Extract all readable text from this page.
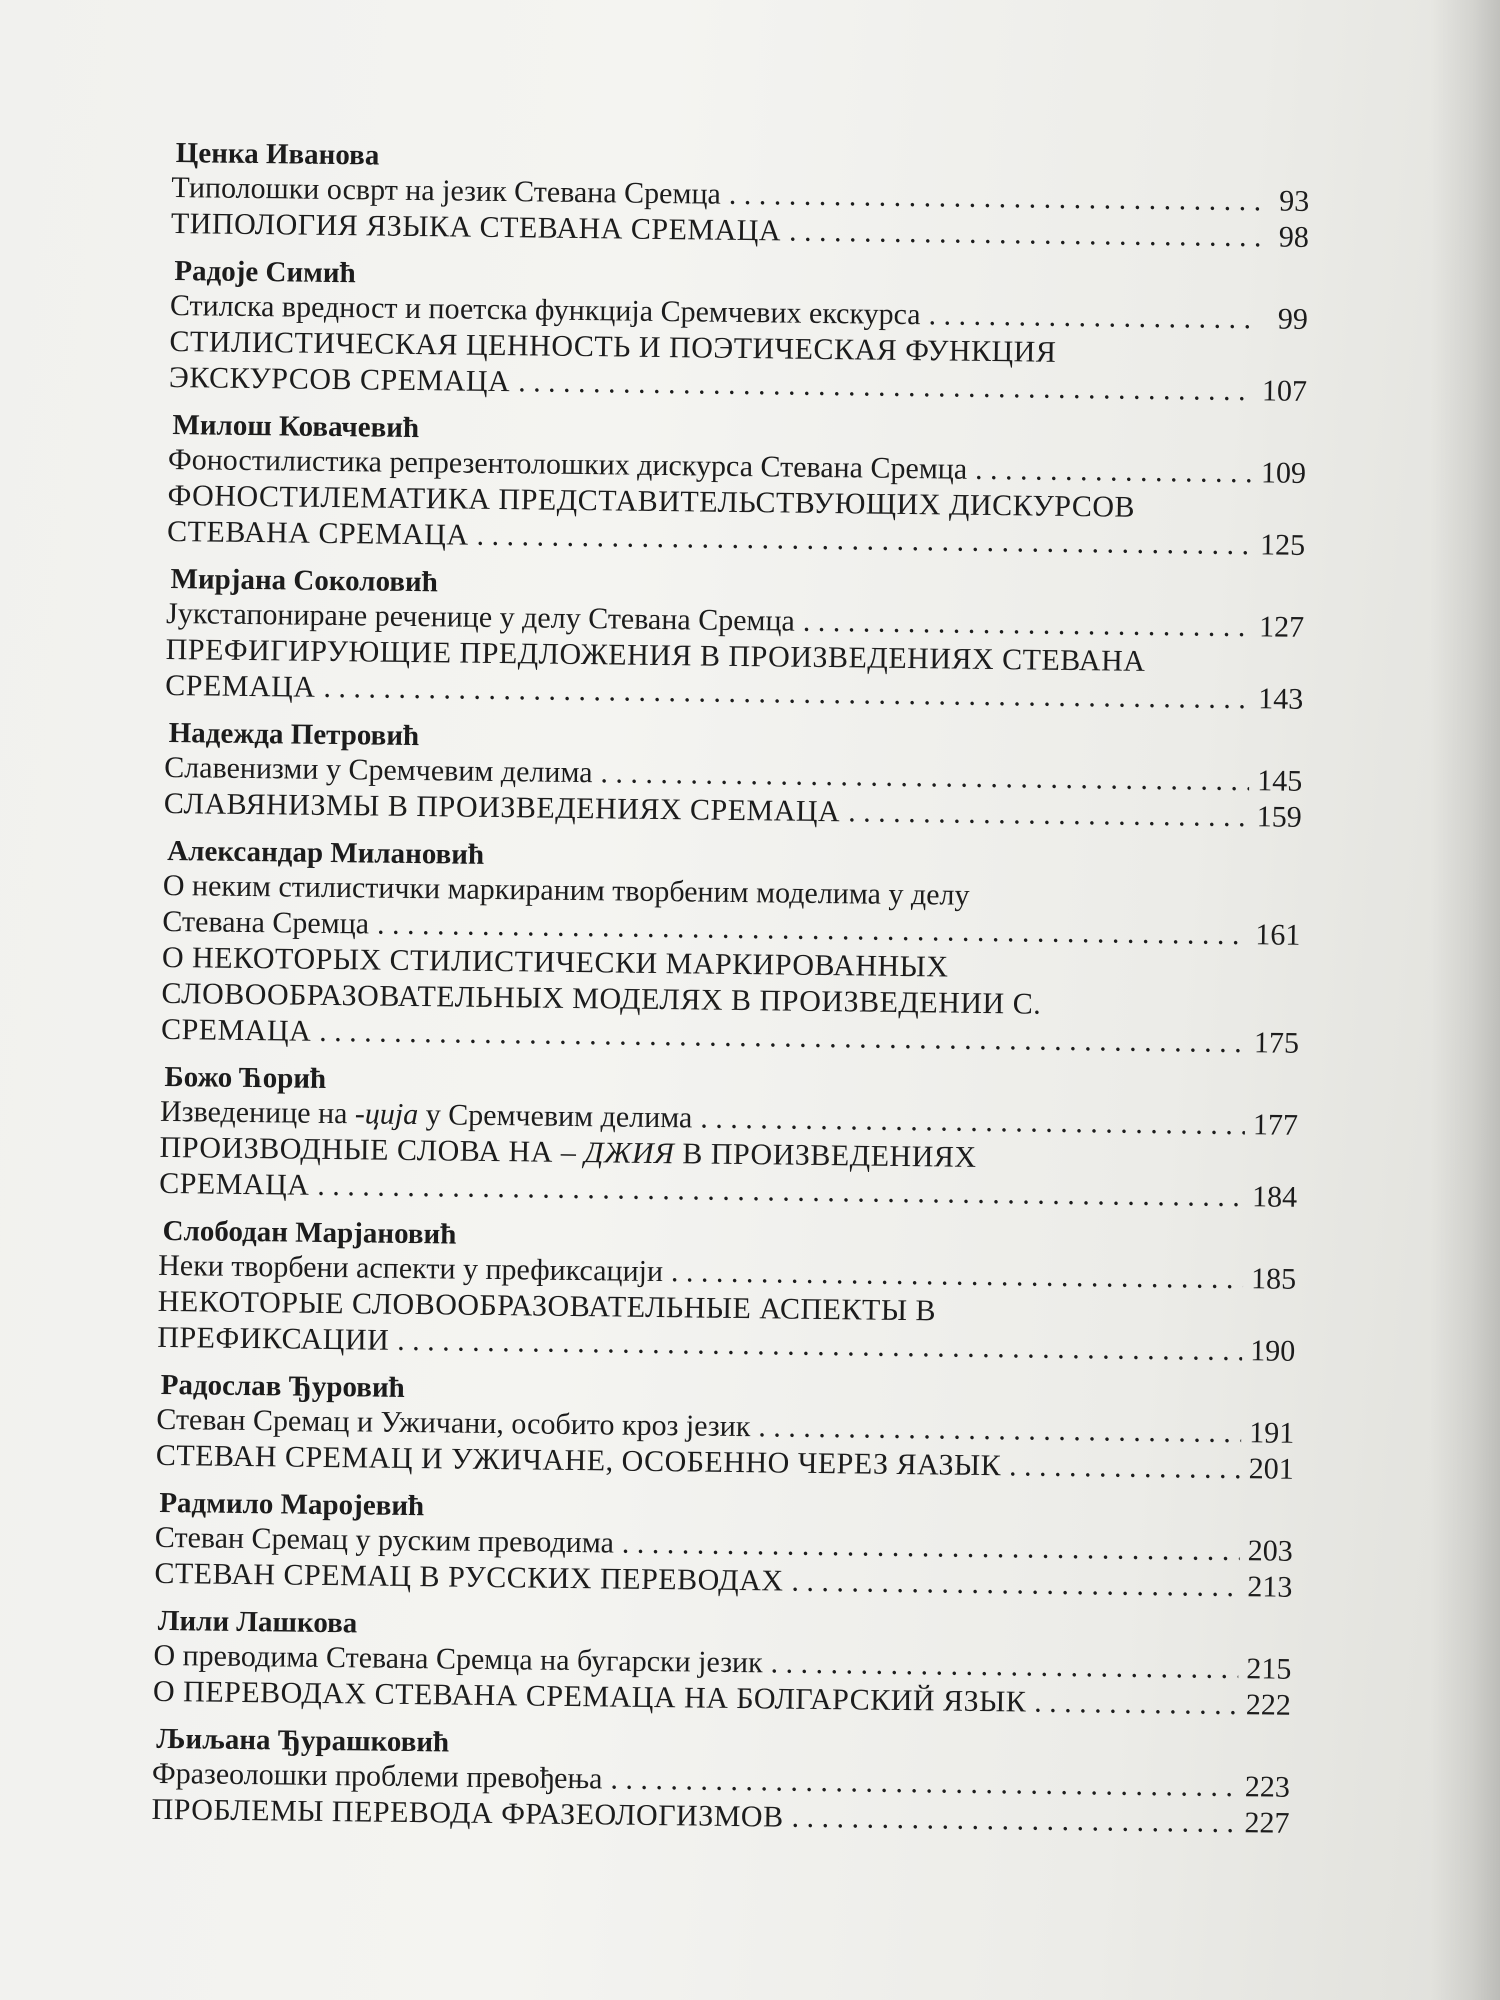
Ценка Иванова
Типолошки осврт на језик Стевана Сремца . . .	93
ТИПОЛОГИЯ ЯЗЫКА СТЕВАНА СРЕМАЦА . . .	98
Радоје Симић
Стилска вредност и поетска функција Сремчевих екскурса . . .	99
СТИЛИСТИЧЕСКАЯ ЦЕННОСТЬ И ПОЭТИЧЕСКАЯ ФУНКЦИЯ
ЭКСКУРСОВ СРЕМАЦА . . .	107
Милош Ковачевић
Фоностилистика репрезентолошких дискурса Стевана Сремца . . .	109
ФОНОСТИЛЕМАТИКА ПРЕДСТАВИТЕЛЬСТВУЮЩИХ ДИСКУРСОВ
СТЕВАНА СРЕМАЦА . . .	125
Мирјана Соколовић
Јукстапониране реченице у делу Стевана Сремца . . .	127
ПРЕФИГИРУЮЩИЕ ПРЕДЛОЖЕНИЯ В ПРОИЗВЕДЕНИЯХ СТЕВАНА
СРЕМАЦА . . .	143
Надежда Петровић
Славенизми у Сремчевим делима . . .	145
СЛАВЯНИЗМЫ В ПРОИЗВЕДЕНИЯХ СРЕМАЦА . . .	159
Александар Милановић
О неким стилистички маркираним творбеним моделима у делу
Стевана Сремца . . .	161
О НЕКОТОРЫХ СТИЛИСТИЧЕСКИ МАРКИРОВАННЫХ
СЛОВООБРАЗОВАТЕЛЬНЫХ МОДЕЛЯХ В ПРОИЗВЕДЕНИИ С.
СРЕМАЦА . . .	175
Божо Ћорић
Изведенице на -ција у Сремчевим делима . . .	177
ПРОИЗВОДНЫЕ СЛОВА НА – ДЖИЯ В ПРОИЗВЕДЕНИЯХ
СРЕМАЦА . . .	184
Слободан Марјановић
Неки творбени аспекти у префиксацији . . .	185
НЕКОТОРЫЕ СЛОВООБРАЗОВАТЕЛЬНЫЕ АСПЕКТЫ В
ПРЕФИКСАЦИИ . . .	190
Радослав Ђуровић
Стеван Сремац и Ужичани, особито кроз језик . . .	191
СТЕВАН СРЕМАЦ И УЖИЧАНЕ, ОСОБЕННО ЧЕРЕЗ ЯАЗЫК . . .	201
Радмило Маројевић
Стеван Сремац у руским преводима . . .	203
СТЕВАН СРЕМАЦ В РУССКИХ ПЕРЕВОДАХ . . .	213
Лили Лашкова
О преводима Стевана Сремца на бугарски језик . . .	215
О ПЕРЕВОДАХ СТЕВАНА СРЕМАЦА НА БОЛГАРСКИЙ ЯЗЫК . . .	222
Љиљана Ђурашковић
Фразеолошки проблеми превођења . . .	223
ПРОБЛЕМЫ ПЕРЕВОДА ФРАЗЕОЛОГИЗМОВ . . .	227
